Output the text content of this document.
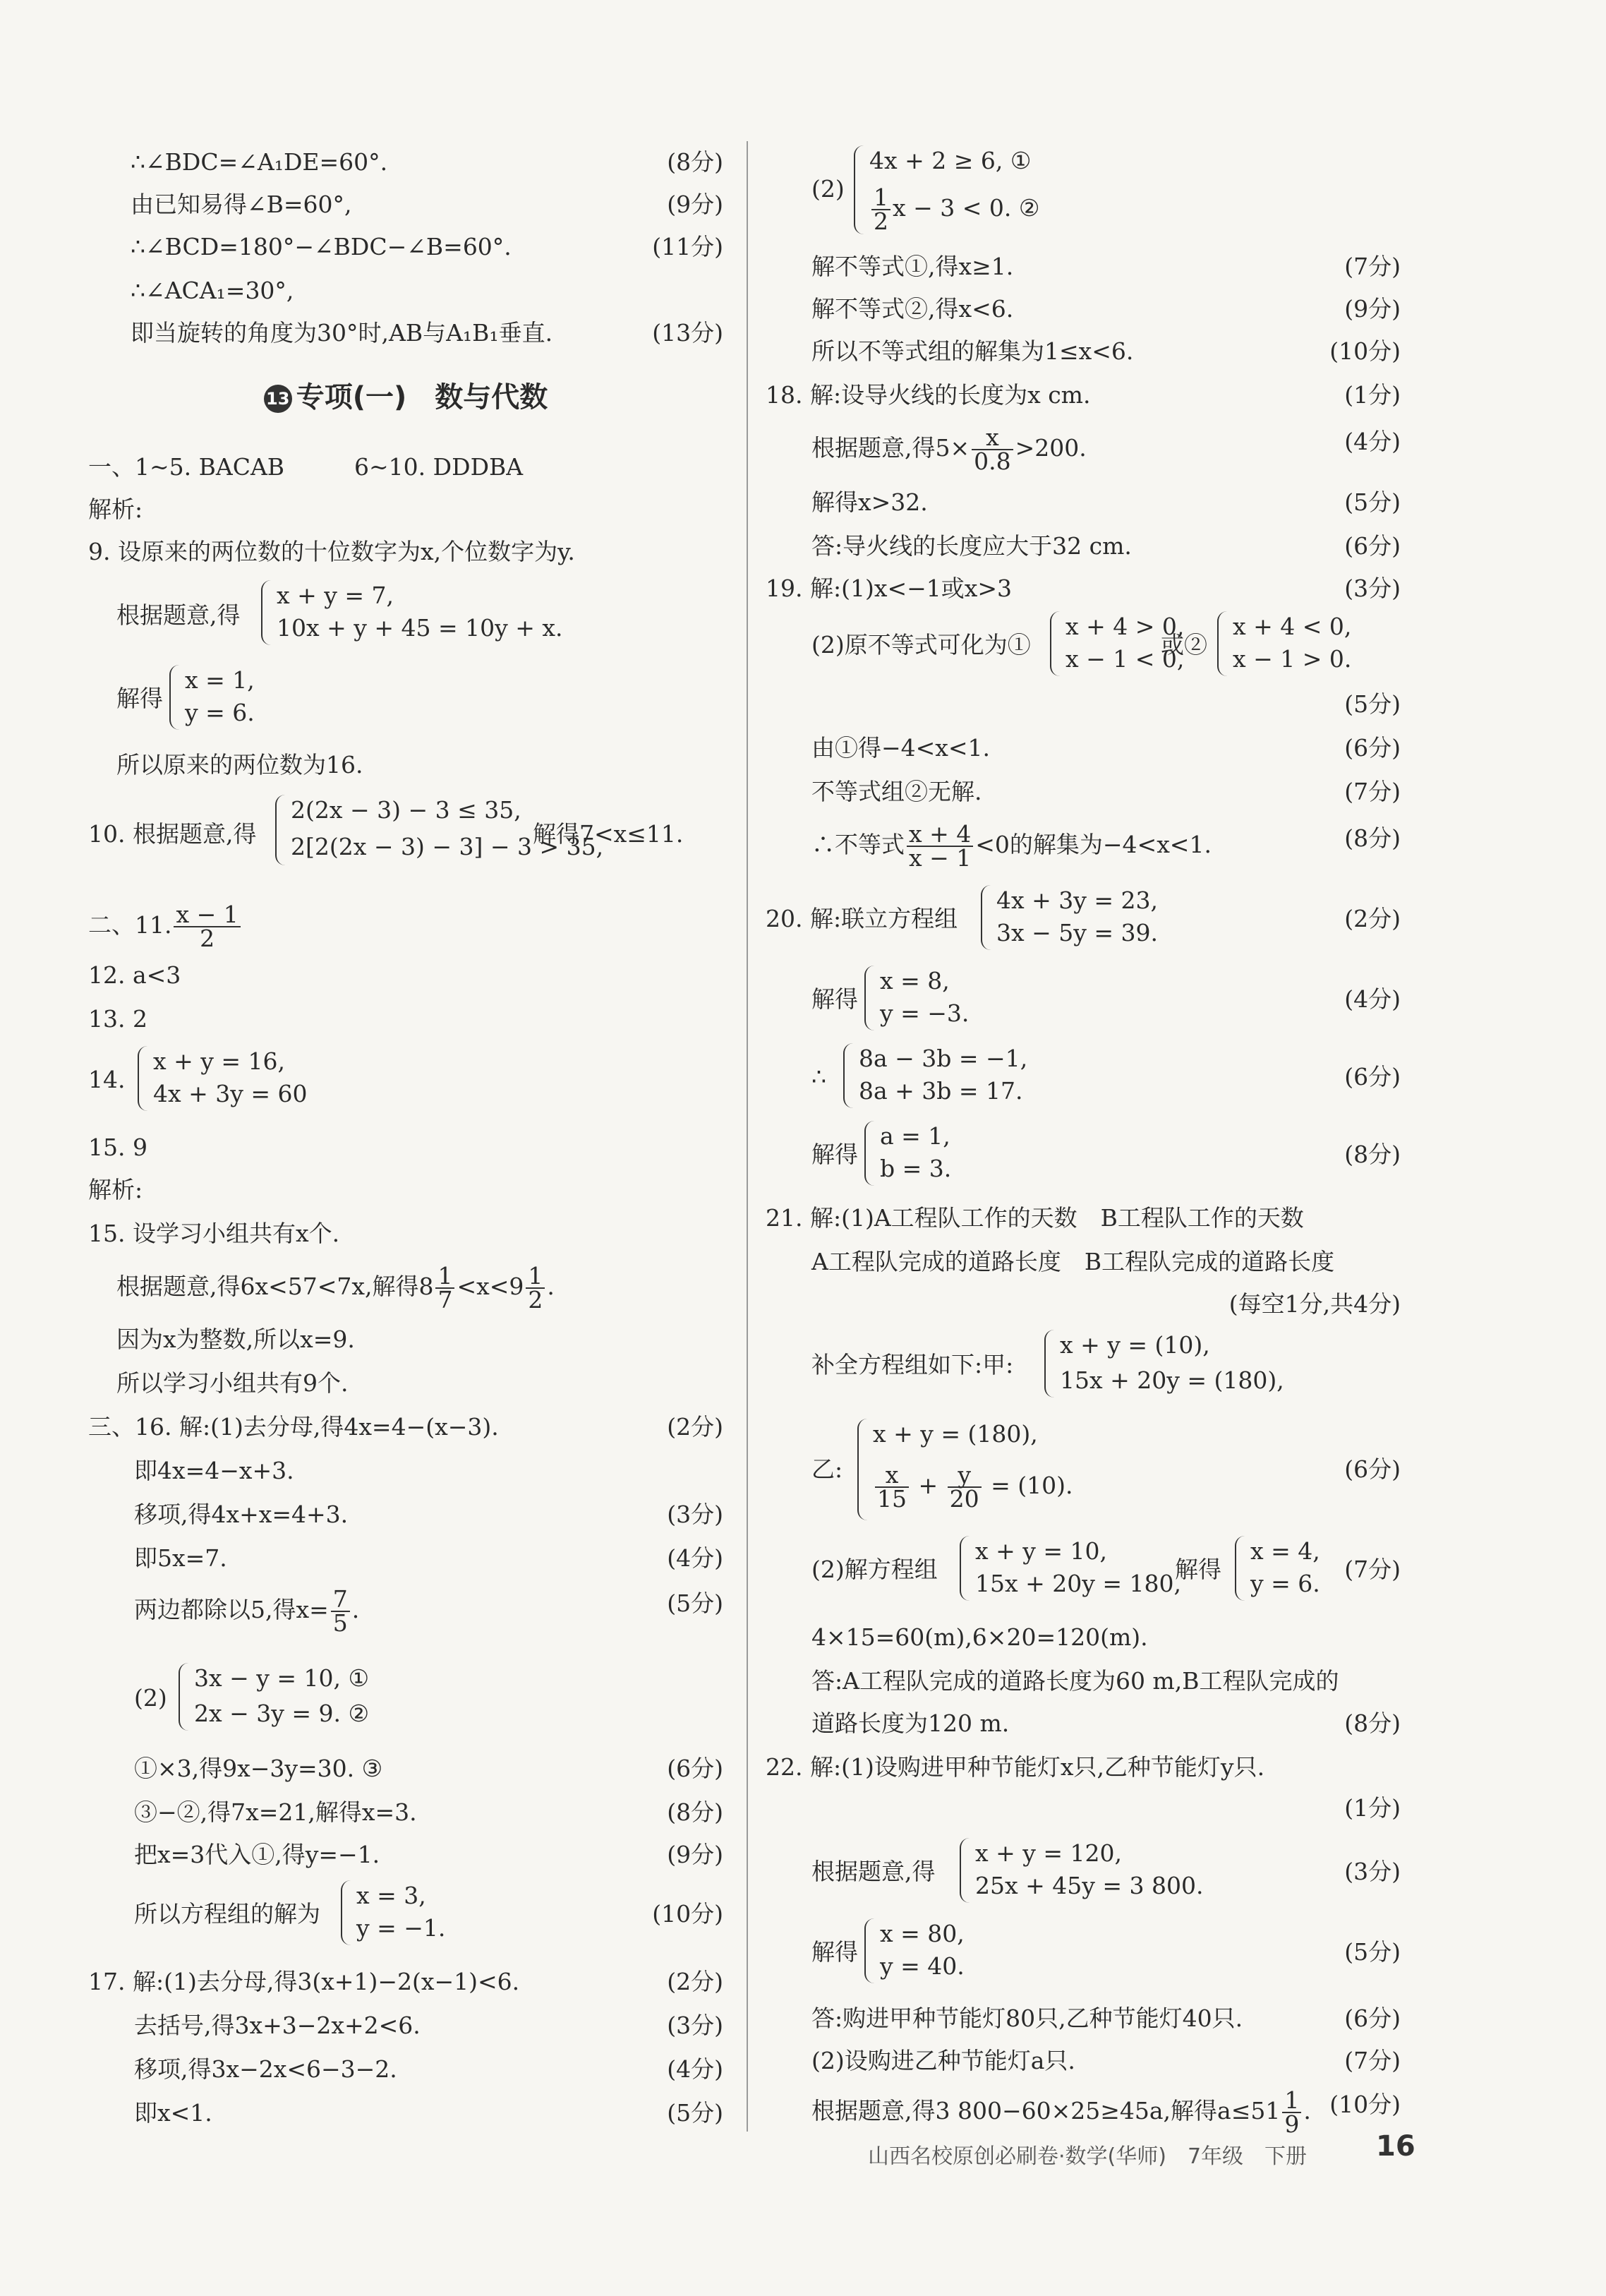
∴∠BDC=∠A₁DE=60°.	(8分)
由已知易得∠B=60°,	(9分)
∴∠BCD=180°−∠BDC−∠B=60°.	(11分)
∴∠ACA₁=30°,
即当旋转的角度为30°时,AB与A₁B₁垂直.	(13分)
13 专项(一)　数与代数
一、1~5. BACAB　　　6~10. DDDBA
解析:
9. 设原来的两位数的十位数字为x,个位数字为y.
根据题意,得
x + y = 7,
10x + y + 45 = 10y + x.
解得
x = 1,
y = 6.
所以原来的两位数为16.
10. 根据题意,得
2(2x − 3) − 3 ≤ 35,
2[2(2x − 3) − 3] − 3 > 35,
解得7<x≤11.
二、11. $\frac{x - 1}{2}$
12. a<3
13. 2
14.
x + y = 16,
4x + 3y = 60
15. 9
解析:
15. 设学习小组共有x个.
根据题意,得6x<57<7x,解得$8 \frac{1}{7} <x<9 \frac{1}{2}$ .
因为x为整数,所以x=9.
所以学习小组共有9个.
三、16. 解:(1)去分母,得4x=4−(x−3).	(2分)
即4x=4−x+3.
移项,得4x+x=4+3.	(3分)
即5x=7.	(4分)
两边都除以5,得$x= \frac{7}{5}$ .	(5分)
(2)
3x − y = 10, ①
2x − 3y = 9. ②
①×3,得9x−3y=30. ③	(6分)
③−②,得7x=21,解得x=3.	(8分)
把x=3代入①,得y=−1.	(9分)
所以方程组的解为	(10分)
x = 3,
y = −1.
17. 解:(1)去分母,得3(x+1)−2(x−1)<6.	(2分)
去括号,得3x+3−2x+2<6.	(3分)
移项,得3x−2x<6−3−2.	(4分)
即x<1.	(5分)
(2)
4x + 2 ≥ 6, ①
$\frac{1}{2}$ x − 3 < 0. ②
解不等式①,得x≥1.	(7分)
解不等式②,得x<6.	(9分)
所以不等式组的解集为1≤x<6.	(10分)
18. 解:设导火线的长度为x cm.	(1分)
根据题意,得$5\times \frac{x}{0.8} >200$.	(4分)
解得x>32.	(5分)
答:导火线的长度应大于32 cm.	(6分)
19. 解:(1)x<−1或x>3	(3分)
(2)原不等式可化为①
x + 4 > 0,
x − 1 < 0,
或②
x + 4 < 0,
x − 1 > 0.
(5分)
由①得−4<x<1.	(6分)
不等式组②无解.	(7分)
∴不等式 $\frac{x + 4}{x - 1} <0$的解集为−4<x<1.	(8分)
20. 解:联立方程组	(2分)
4x + 3y = 23,
3x − 5y = 39.
解得	(4分)
x = 8,
y = −3.
∴	(6分)
8a − 3b = −1,
8a + 3b = 17.
解得	(8分)
a = 1,
b = 3.
21. 解:(1)A工程队工作的天数　B工程队工作的天数
A工程队完成的道路长度　B工程队完成的道路长度
(每空1分,共4分)
补全方程组如下:甲:
x + y = (10),
15x + 20y = (180),
乙:	(6分)
x + y = (180),
$\frac{x}{15} + \frac{y}{20} = (10)$.
(2)解方程组	(7分)
x + y = 10,
15x + 20y = 180,
解得
x = 4,
y = 6.
4×15=60(m),6×20=120(m).
答:A工程队完成的道路长度为60 m,B工程队完成的
道路长度为120 m.	(8分)
22. 解:(1)设购进甲种节能灯x只,乙种节能灯y只.
(1分)
根据题意,得	(3分)
x + y = 120,
25x + 45y = 3 800.
解得	(5分)
x = 80,
y = 40.
答:购进甲种节能灯80只,乙种节能灯40只.	(6分)
(2)设购进乙种节能灯a只.	(7分)
根据题意,得3 800−60×25≥45a,解得$a\le 51 \frac{1}{9}$ . (10分)
山西名校原创必刷卷·数学(华师)　7年级　下册 16
